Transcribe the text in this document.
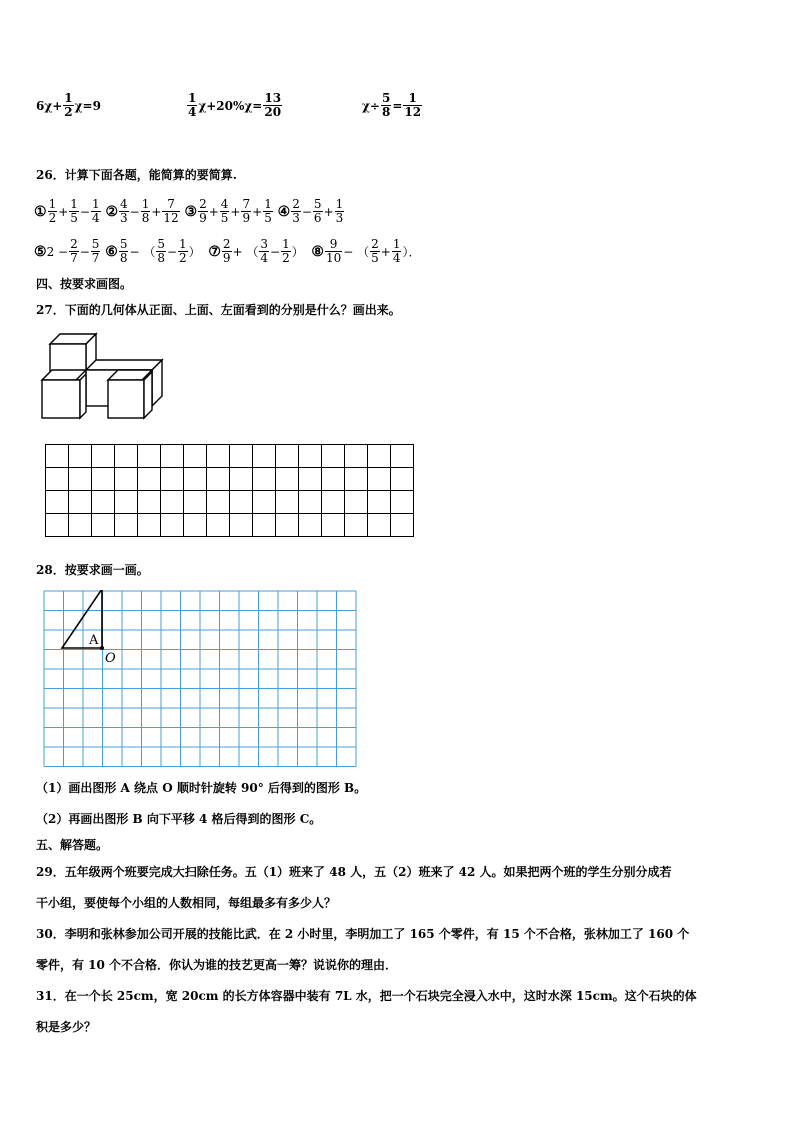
$6\chi+ \frac{1}{2} \chi=9$	$\frac{1}{4} \chi+20\%\chi= \frac{13}{20}$	$\chi\div \frac{5}{8} = \frac{1}{12}$
26．计算下面各题，能简算的要简算.
① $\frac{1}{2} + \frac{1}{5} - \frac{1}{4}$ ② $\frac{4}{3} - \frac{1}{8} + \frac{7}{12}$ ③ $\frac{2}{9} + \frac{4}{5} + \frac{7}{9} + \frac{1}{5}$ ④ $\frac{2}{3} - \frac{5}{6} + \frac{1}{3}$
⑤2 − $\frac{2}{7} - \frac{5}{7}$ ⑥ $\frac{5}{8}$ − （ $\frac{5}{8} - \frac{1}{2}$ ） ⑦ $\frac{2}{9}$ + （ $\frac{3}{4} - \frac{1}{2}$ ） ⑧ $\frac{9}{10}$ − （ $\frac{2}{5} + \frac{1}{4}$ ）．
四、按要求画图。
27．下面的几何体从正面、上面、左面看到的分别是什么？画出来。

28．按要求画一画。
A
O
（1）画出图形 A 绕点 O 顺时针旋转 90° 后得到的图形 B。
（2）再画出图形 B 向下平移 4 格后得到的图形 C。
五、解答题。
29．五年级两个班要完成大扫除任务。五（1）班来了 48 人，五（2）班来了 42 人。如果把两个班的学生分别分成若
干小组，要使每个小组的人数相同，每组最多有多少人？
30．李明和张林参加公司开展的技能比武．在 2 小时里，李明加工了 165 个零件，有 15 个不合格，张林加工了 160 个
零件，有 10 个不合格．你认为谁的技艺更高一筹？说说你的理由．
31．在一个长 25cm，宽 20cm 的长方体容器中装有 7L 水，把一个石块完全浸入水中，这时水深 15cm。这个石块的体
积是多少？
